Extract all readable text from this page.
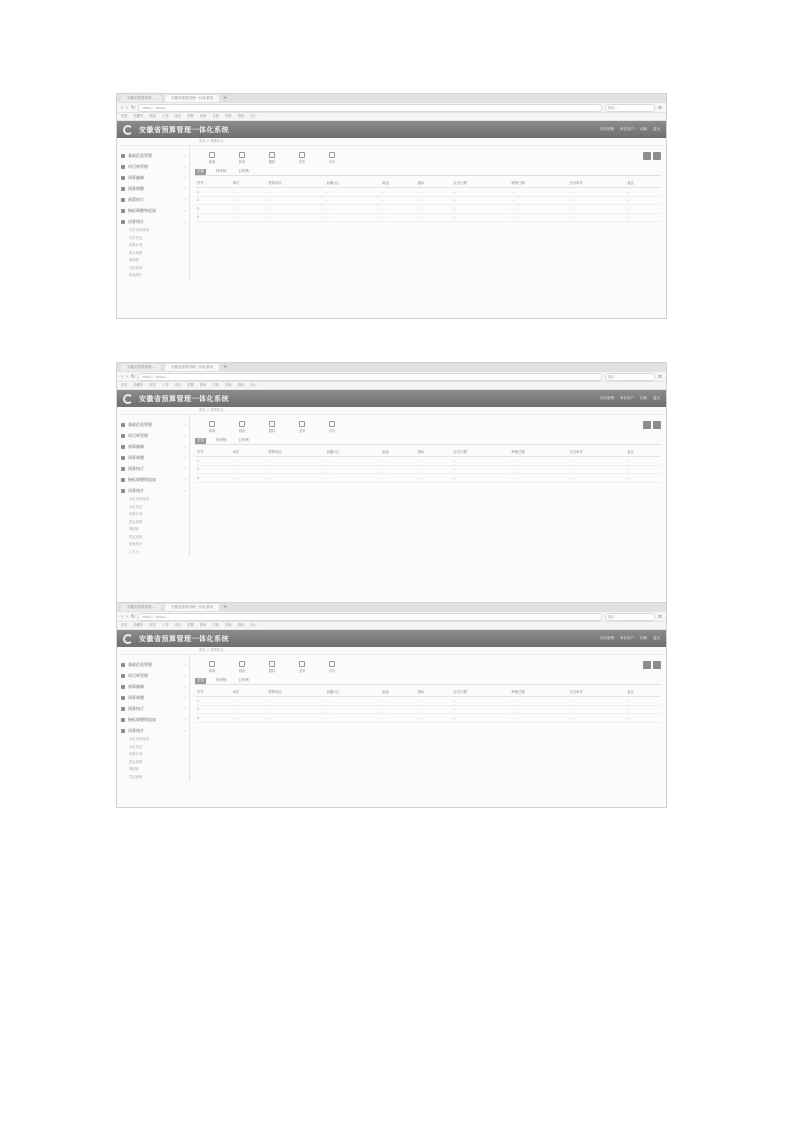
安徽省预算管理…	安徽省预算管理一体化系统	+
‹ › ↻	http://…/pyjs/…	搜索…	≡
首页 收藏夹 网页 工作 项目 预算 常用 文档 导航 资料 办公
安徽省预算管理一体化系统	项目管理 单位用户 切换 退出
首页 > 预算执行
基础信息管理	›
项目库管理	›
预算编制	›
预算调整	›
预算执行	›
指标调整和追加	›
决算统计	›
支付申请查询
支付凭证
用款计划
资金管理
明细账
凭证查询
报表统计
新增	修改	删除	送审	导出
全部	待审核	已审核
序号	单位	预算项目	金额(元)	用途	指标	支付日期	审核日期	支付单号	备注
1	…	…	…	…	…	…	…	…	…
2	…	…	…	…	…	…	…	…	…
3	…	…	…	…	…	…	…	…	…
4	…	…	…	…	…	…	…	…	…
安徽省预算管理…	安徽省预算管理一体化系统	+
‹ › ↻	http://…/pyjs/…	搜索…	≡
首页 收藏夹 网页 工作 项目 预算 常用 文档 导航 资料 办公
安徽省预算管理一体化系统	项目管理 单位用户 切换 退出
首页 > 预算执行
基础信息管理	›
项目库管理	›
预算编制	›
预算调整	›
预算执行	›
指标调整和追加	›
决算统计	›
支付申请查询
支付凭证
用款计划
资金管理
明细账
凭证查询
报表统计
工作台
新增	修改	删除	送审	导出
全部	待审核	已审核
序号	单位	预算项目	金额(元)	用途	指标	支付日期	审核日期	支付单号	备注
1	…	…	…	…	…	…	…	…	…
2	…	…	…	…	…	…	…	…	…
3	…	…	…	…	…	…	…	…	…
安徽省预算管理…	安徽省预算管理一体化系统	+
‹ › ↻	http://…/pyjs/…	搜索…	≡
首页 收藏夹 网页 工作 项目 预算 常用 文档 导航 资料 办公
安徽省预算管理一体化系统	项目管理 单位用户 切换 退出
首页 > 预算执行
基础信息管理	›
项目库管理	›
预算编制	›
预算调整	›
预算执行	›
指标调整和追加	›
决算统计	›
支付申请查询
支付凭证
用款计划
资金管理
明细账
凭证查询
新增	修改	删除	送审	导出
全部	待审核	已审核
序号	单位	预算项目	金额(元)	用途	指标	支付日期	审核日期	支付单号	备注
1	…	…	…	…	…	…	…	…	…
2	…	…	…	…	…	…	…	…	…
3	…	…	…	…	…	…	…	…	…
